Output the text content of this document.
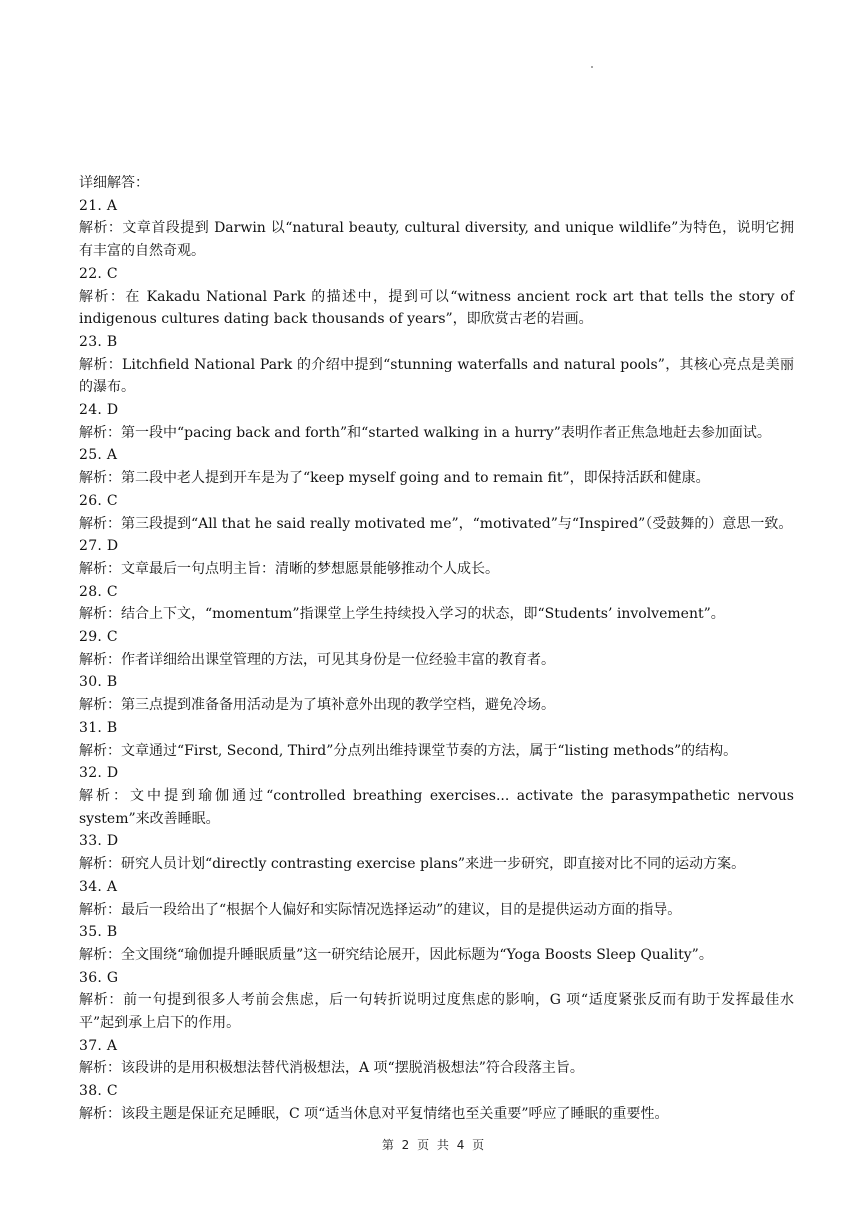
详细解答：
21. A
解析：文章首段提到 Darwin 以“natural beauty, cultural diversity, and unique wildlife”为特色，说明它拥有丰富的自然奇观。
22. C
解析：在 Kakadu National Park 的描述中，提到可以“witness ancient rock art that tells the story of indigenous cultures dating back thousands of years”，即欣赏古老的岩画。
23. B
解析：Litchfield National Park 的介绍中提到“stunning waterfalls and natural pools”，其核心亮点是美丽的瀑布。
24. D
解析：第一段中“pacing back and forth”和“started walking in a hurry”表明作者正焦急地赶去参加面试。
25. A
解析：第二段中老人提到开车是为了“keep myself going and to remain fit”，即保持活跃和健康。
26. C
解析：第三段提到“All that he said really motivated me”，“motivated”与“Inspired”（受鼓舞的）意思一致。
27. D
解析：文章最后一句点明主旨：清晰的梦想愿景能够推动个人成长。
28. C
解析：结合上下文，“momentum”指课堂上学生持续投入学习的状态，即“Students’ involvement”。
29. C
解析：作者详细给出课堂管理的方法，可见其身份是一位经验丰富的教育者。
30. B
解析：第三点提到准备备用活动是为了填补意外出现的教学空档，避免冷场。
31. B
解析：文章通过“First, Second, Third”分点列出维持课堂节奏的方法，属于“listing methods”的结构。
32. D
解析：文中提到瑜伽通过“controlled breathing exercises... activate the parasympathetic nervous system”来改善睡眠。
33. D
解析：研究人员计划“directly contrasting exercise plans”来进一步研究，即直接对比不同的运动方案。
34. A
解析：最后一段给出了“根据个人偏好和实际情况选择运动”的建议，目的是提供运动方面的指导。
35. B
解析：全文围绕“瑜伽提升睡眠质量”这一研究结论展开，因此标题为“Yoga Boosts Sleep Quality”。
36. G
解析：前一句提到很多人考前会焦虑，后一句转折说明过度焦虑的影响，G 项“适度紧张反而有助于发挥最佳水平”起到承上启下的作用。
37. A
解析：该段讲的是用积极想法替代消极想法，A 项“摆脱消极想法”符合段落主旨。
38. C
解析：该段主题是保证充足睡眠，C 项“适当休息对平复情绪也至关重要”呼应了睡眠的重要性。
第 2 页 共 4 页
